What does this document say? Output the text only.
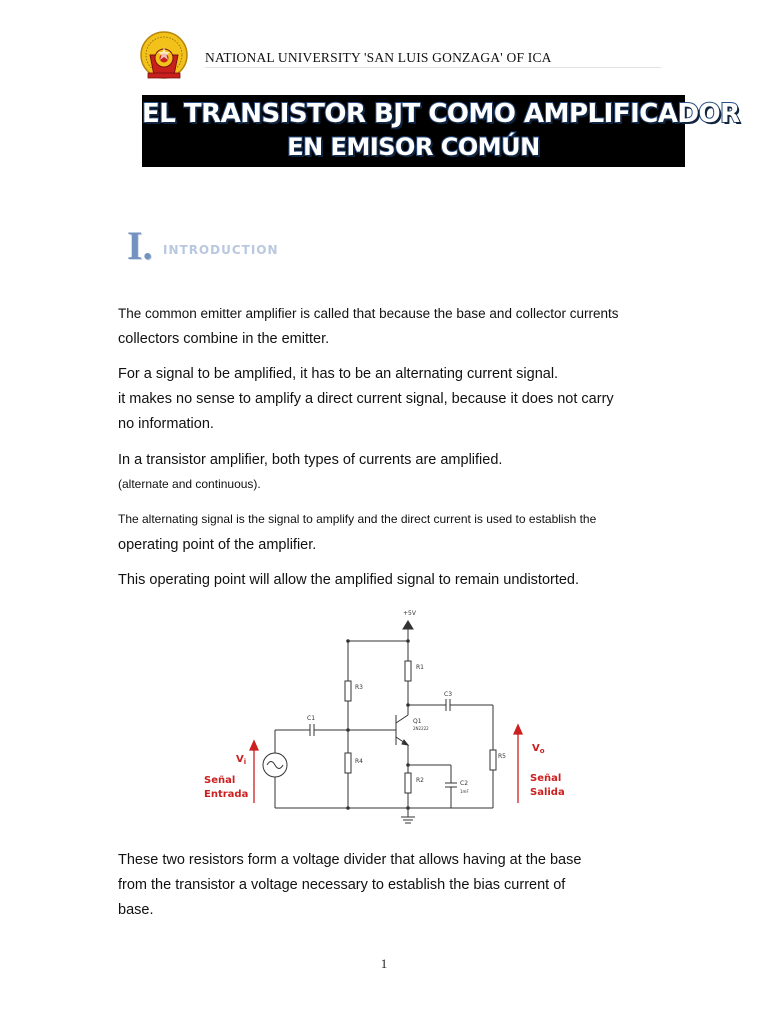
NATIONAL UNIVERSITY 'SAN LUIS GONZAGA' OF ICA
EL TRANSISTOR BJT COMO AMPLIFICADOR
EN EMISOR COMÚN
I. INTRODUCTION
The common emitter amplifier is called that because the base and collector currents
collectors combine in the emitter.
For a signal to be amplified, it has to be an alternating current signal.
it makes no sense to amplify a direct current signal, because it does not carry
no information.
In a transistor amplifier, both types of currents are amplified.
(alternate and continuous).
The alternating signal is the signal to amplify and the direct current is used to establish the
operating point of the amplifier.
This operating point will allow the amplified signal to remain undistorted.
+5V
R1
R3
R4
R2
R5
C1
C3
C2
1mF
Q1
2N2222
$V_i$
Señal
Entrada
$V_o$
Señal
Salida
These two resistors form a voltage divider that allows having at the base
from the transistor a voltage necessary to establish the bias current of
base.
1
